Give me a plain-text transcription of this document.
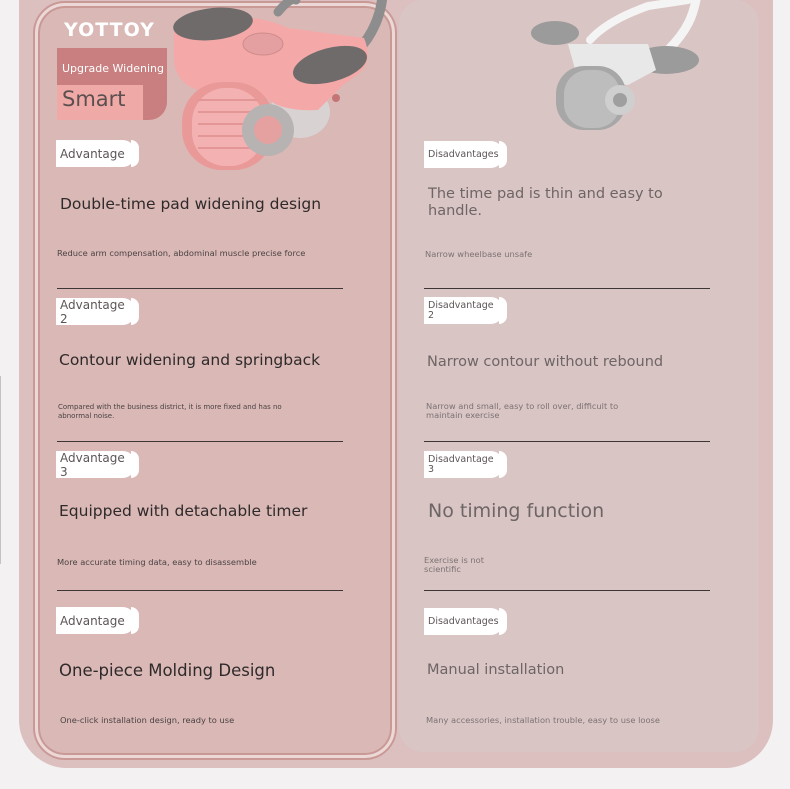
YOTTOY
Upgrade Widening
Smart
Advantage
Double-time pad widening design
Reduce arm compensation, abdominal muscle precise force
Advantage 2
Contour widening and springback
Compared with the business district, it is more fixed and has no abnormal noise.
Advantage 3
Equipped with detachable timer
More accurate timing data, easy to disassemble
Advantage
One-piece Molding Design
One-click installation design, ready to use
Disadvantages
The time pad is thin and easy to handle.
Narrow wheelbase unsafe
Disadvantage 2
Narrow contour without rebound
Narrow and small, easy to roll over, difficult to maintain exercise
Disadvantage 3
No timing function
Exercise is not scientific
Disadvantages
Manual installation
Many accessories, installation trouble, easy to use loose
